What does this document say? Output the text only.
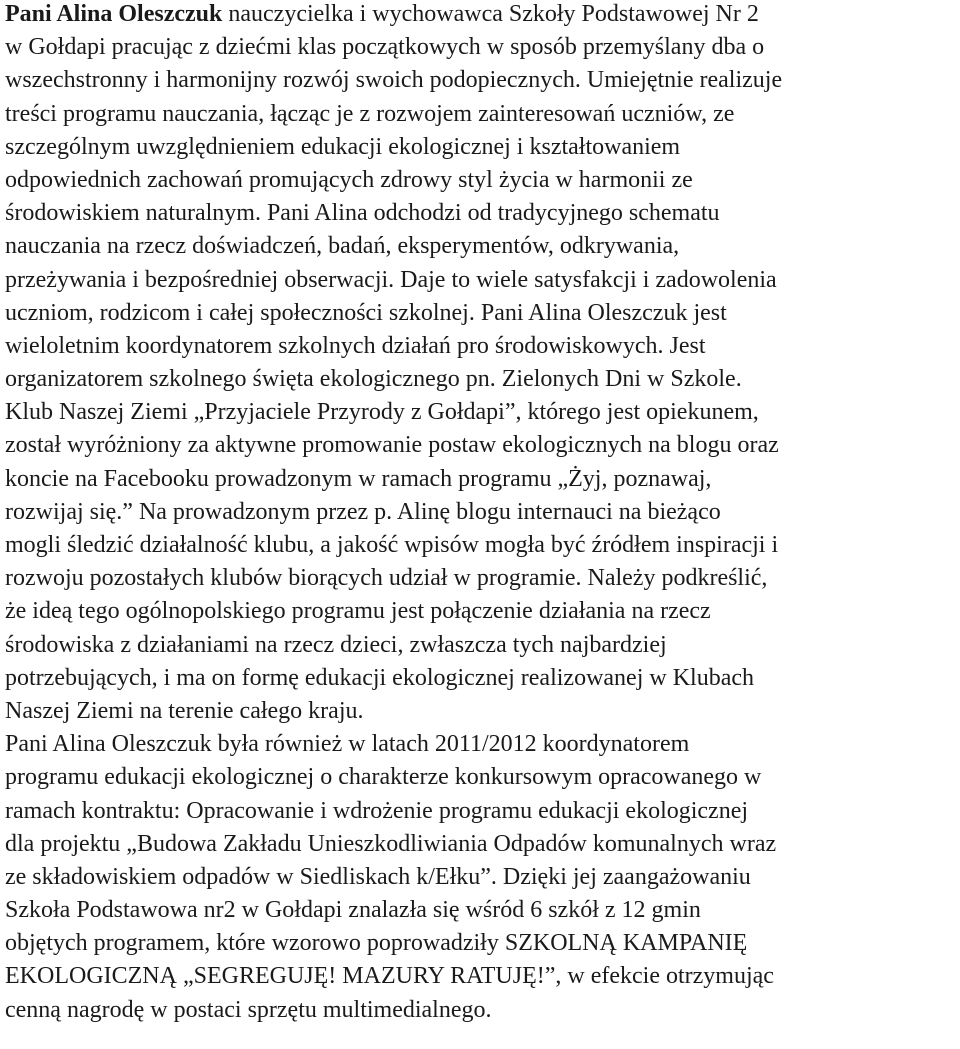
Pani Alina Oleszczuk nauczycielka i wychowawca Szkoły Podstawowej Nr 2
w Gołdapi pracując z dziećmi klas początkowych w sposób przemyślany dba o
wszechstronny i harmonijny rozwój swoich podopiecznych. Umiejętnie realizuje
treści programu nauczania, łącząc je z rozwojem zainteresowań uczniów, ze
szczególnym uwzględnieniem edukacji ekologicznej i kształtowaniem
odpowiednich zachowań promujących zdrowy styl życia w harmonii ze
środowiskiem naturalnym. Pani Alina odchodzi od tradycyjnego schematu
nauczania na rzecz doświadczeń, badań, eksperymentów, odkrywania,
przeżywania i bezpośredniej obserwacji. Daje to wiele satysfakcji i zadowolenia
uczniom, rodzicom i całej społeczności szkolnej. Pani Alina Oleszczuk jest
wieloletnim koordynatorem szkolnych działań pro środowiskowych. Jest
organizatorem szkolnego święta ekologicznego pn. Zielonych Dni w Szkole.
Klub Naszej Ziemi „Przyjaciele Przyrody z Gołdapi”, którego jest opiekunem,
został wyróżniony za aktywne promowanie postaw ekologicznych na blogu oraz
koncie na Facebooku prowadzonym w ramach programu „Żyj, poznawaj,
rozwijaj się.” Na prowadzonym przez p. Alinę blogu internauci na bieżąco
mogli śledzić działalność klubu, a jakość wpisów mogła być źródłem inspiracji i
rozwoju pozostałych klubów biorących udział w programie. Należy podkreślić,
że ideą tego ogólnopolskiego programu jest połączenie działania na rzecz
środowiska z działaniami na rzecz dzieci, zwłaszcza tych najbardziej
potrzebujących, i ma on formę edukacji ekologicznej realizowanej w Klubach
Naszej Ziemi na terenie całego kraju.
Pani Alina Oleszczuk była również w latach 2011/2012 koordynatorem
programu edukacji ekologicznej o charakterze konkursowym opracowanego w
ramach kontraktu: Opracowanie i wdrożenie programu edukacji ekologicznej
dla projektu „Budowa Zakładu Unieszkodliwiania Odpadów komunalnych wraz
ze składowiskiem odpadów w Siedliskach k/Ełku”. Dzięki jej zaangażowaniu
Szkoła Podstawowa nr2 w Gołdapi znalazła się wśród 6 szkół z 12 gmin
objętych programem, które wzorowo poprowadziły SZKOLNĄ KAMPANIĘ
EKOLOGICZNĄ „SEGREGUJĘ! MAZURY RATUJĘ!”, w efekcie otrzymując
cenną nagrodę w postaci sprzętu multimedialnego.
